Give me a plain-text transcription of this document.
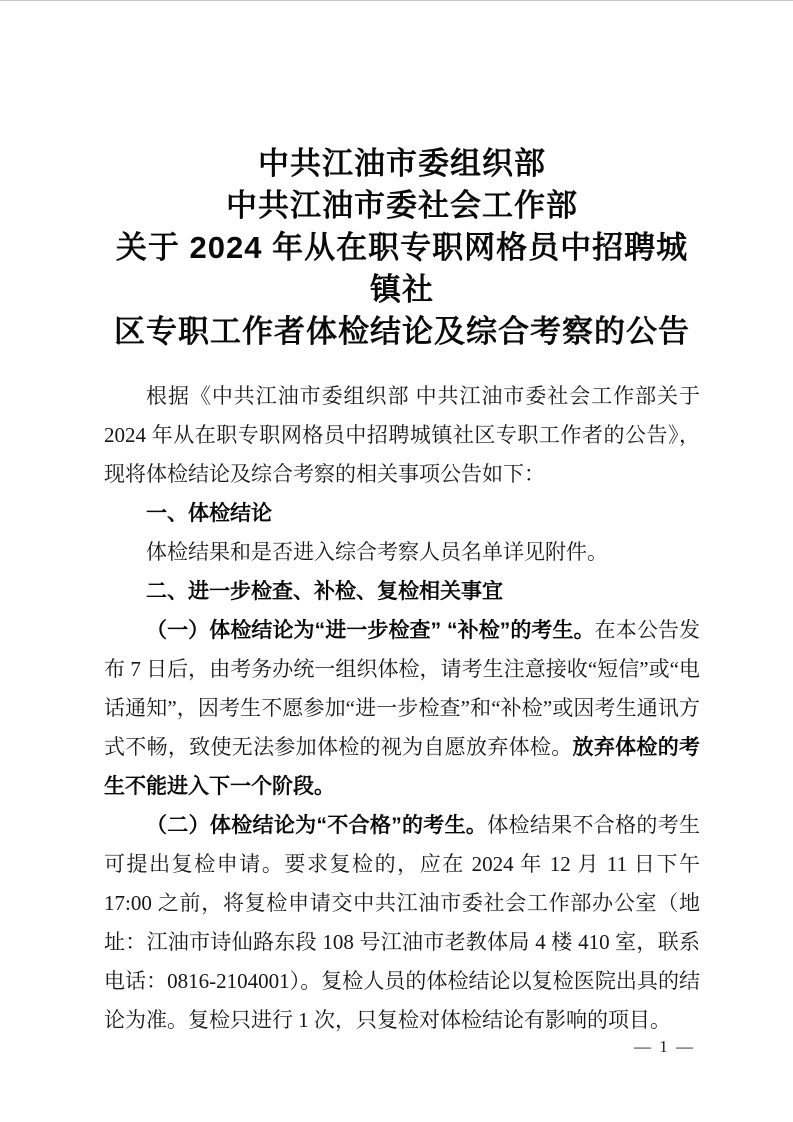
中共江油市委组织部
中共江油市委社会工作部
关于 2024 年从在职专职网格员中招聘城镇社
区专职工作者体检结论及综合考察的公告

根据《中共江油市委组织部 中共江油市委社会工作部关于 2024 年从在职专职网格员中招聘城镇社区专职工作者的公告》，现将体检结论及综合考察的相关事项公告如下：

一、体检结论

体检结果和是否进入综合考察人员名单详见附件。

二、进一步检查、补检、复检相关事宜

（一）体检结论为“进一步检查” “补检”的考生。在本公告发布 7 日后，由考务办统一组织体检，请考生注意接收“短信”或“电话通知”，因考生不愿参加“进一步检查”和“补检”或因考生通讯方式不畅，致使无法参加体检的视为自愿放弃体检。放弃体检的考生不能进入下一个阶段。

（二）体检结论为“不合格”的考生。体检结果不合格的考生可提出复检申请。要求复检的，应在 2024 年 12 月 11 日下午 17:00 之前，将复检申请交中共江油市委社会工作部办公室（地址：江油市诗仙路东段 108 号江油市老教体局 4 楼 410 室，联系电话：0816-2104001）。复检人员的体检结论以复检医院出具的结论为准。复检只进行 1 次，只复检对体检结论有影响的项目。

— 1 —
